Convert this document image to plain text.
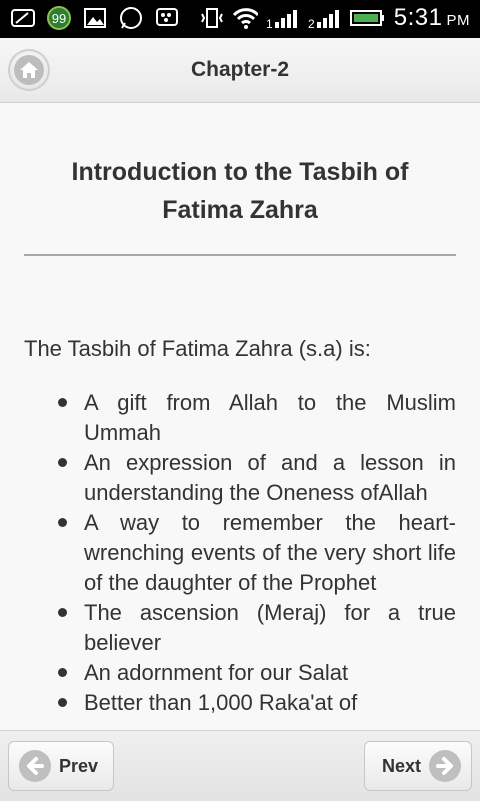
99	1	2	5:31 PM
Chapter-2
Introduction to the Tasbih of Fatima Zahra
The Tasbih of Fatima Zahra (s.a) is:
A gift from Allah to the Muslim Ummah
An expression of and a lesson in understanding the Oneness ofAllah
A way to remember the heart-wrenching events of the very short life of the daughter of the Prophet
The ascension (Meraj) for a true believer
An adornment for our Salat
Better than 1,000 Raka'at of
Prev	Next
